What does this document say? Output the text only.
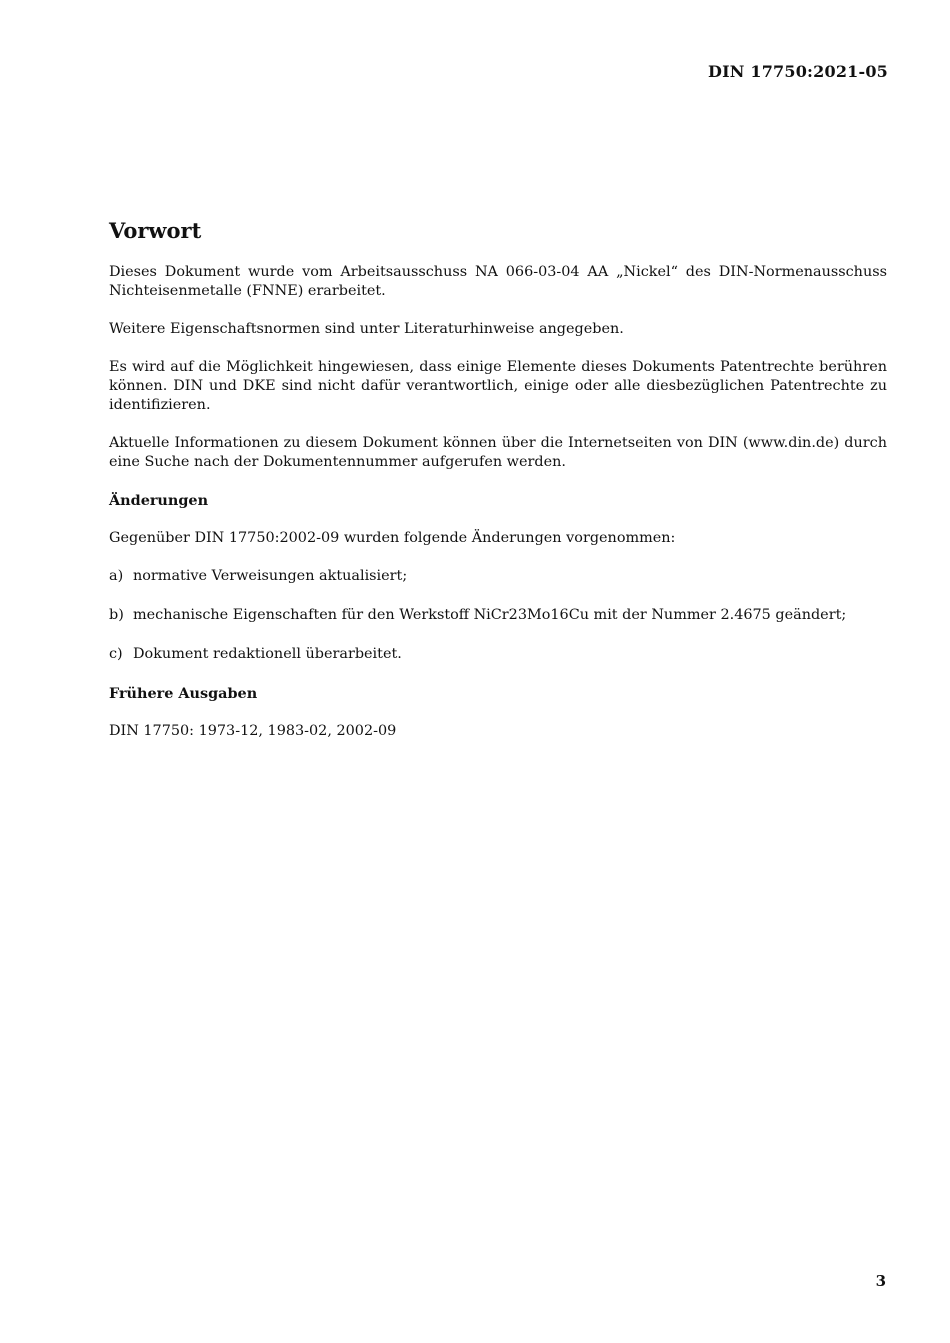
DIN 17750:2021-05
Vorwort

Dieses Dokument wurde vom Arbeitsausschuss NA 066-03-04 AA „Nickel“ des DIN-Normenausschuss Nichteisenmetalle (FNNE) erarbeitet.

Weitere Eigenschaftsnormen sind unter Literaturhinweise angegeben.

Es wird auf die Möglichkeit hingewiesen, dass einige Elemente dieses Dokuments Patentrechte berühren können. DIN und DKE sind nicht dafür verantwortlich, einige oder alle diesbezüglichen Patentrechte zu identifizieren.

Aktuelle Informationen zu diesem Dokument können über die Internetseiten von DIN (www.din.de) durch eine Suche nach der Dokumentennummer aufgerufen werden.

Änderungen

Gegenüber DIN 17750:2002-09 wurden folgende Änderungen vorgenommen:

a) normative Verweisungen aktualisiert;
b) mechanische Eigenschaften für den Werkstoff NiCr23Mo16Cu mit der Nummer 2.4675 geändert;
c) Dokument redaktionell überarbeitet.
Frühere Ausgaben

DIN 17750: 1973-12, 1983-02, 2002-09

3
